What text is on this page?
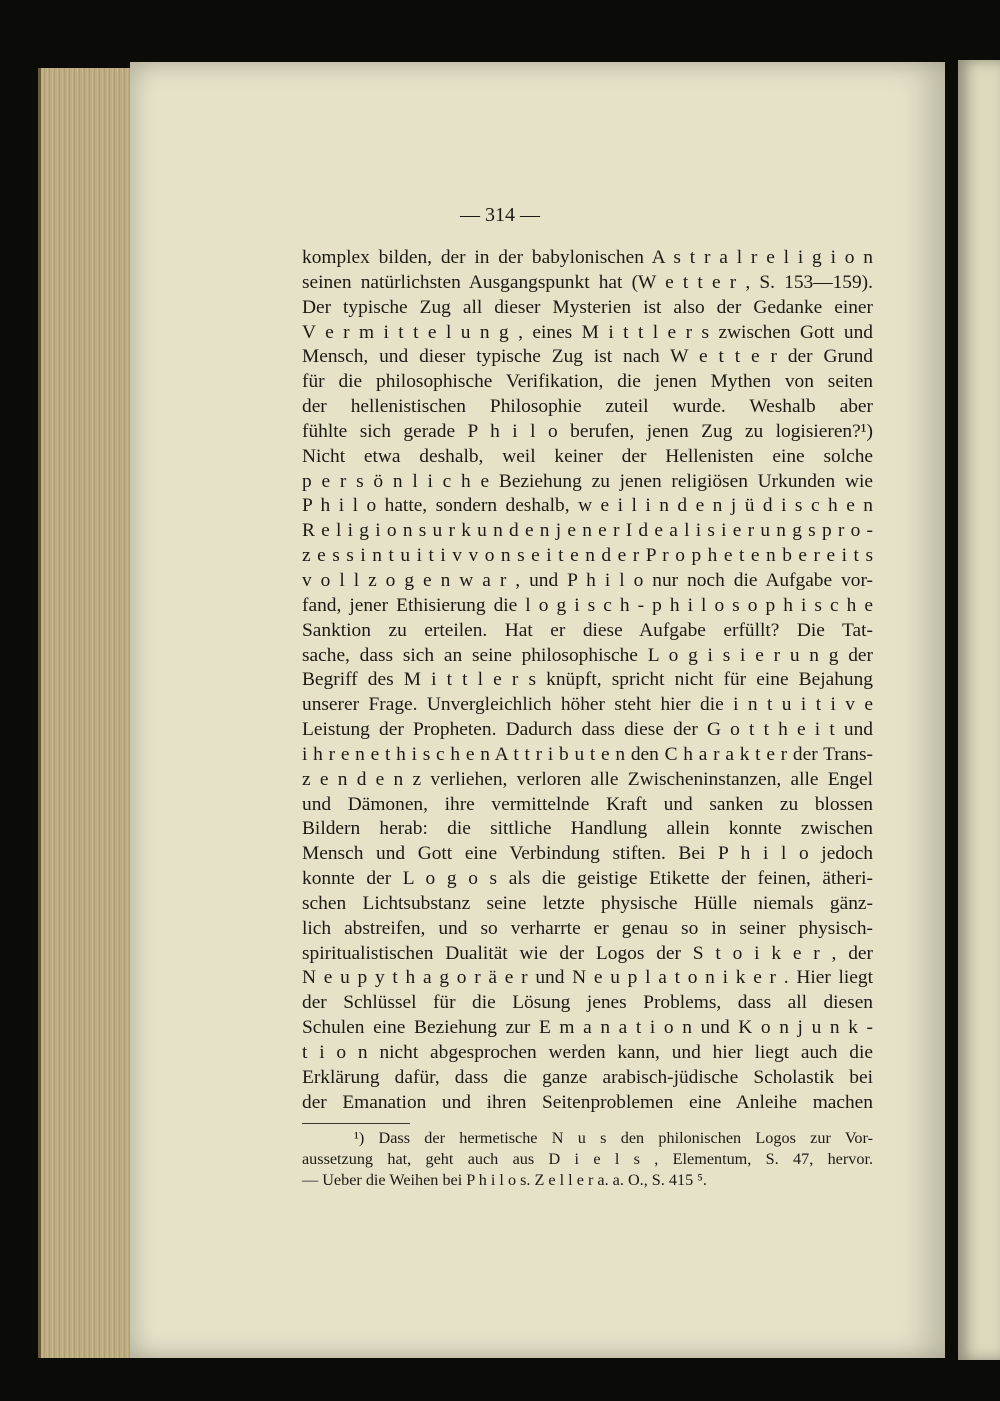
— 314 —
komplex bilden, der in der babylonischen A s t r a l r e l i g i o n
seinen natürlichsten Ausgangspunkt hat (W e t t e r , S. 153—159).
Der typische Zug all dieser Mysterien ist also der Gedanke einer
V e r m i t t e l u n g , eines M i t t l e r s zwischen Gott und
Mensch, und dieser typische Zug ist nach W e t t e r der Grund
für die philosophische Verifikation, die jenen Mythen von seiten
der hellenistischen Philosophie zuteil wurde. Weshalb aber
fühlte sich gerade P h i l o berufen, jenen Zug zu logisieren?¹)
Nicht etwa deshalb, weil keiner der Hellenisten eine solche
p e r s ö n l i c h e Beziehung zu jenen religiösen Urkunden wie
P h i l o hatte, sondern deshalb, w e i l i n d e n j ü d i s c h e n
R e l i g i o n s u r k u n d e n j e n e r I d e a l i s i e r u n g s p r o -
z e s s i n t u i t i v v o n s e i t e n d e r P r o p h e t e n b e r e i t s
v o l l z o g e n w a r , und P h i l o nur noch die Aufgabe vor-
fand, jener Ethisierung die l o g i s c h - p h i l o s o p h i s c h e
Sanktion zu erteilen. Hat er diese Aufgabe erfüllt? Die Tat-
sache, dass sich an seine philosophische L o g i s i e r u n g der
Begriff des M i t t l e r s knüpft, spricht nicht für eine Bejahung
unserer Frage. Unvergleichlich höher steht hier die i n t u i t i v e
Leistung der Propheten. Dadurch dass diese der G o t t h e i t und
i h r e n e t h i s c h e n A t t r i b u t e n den C h a r a k t e r der Trans-
z e n d e n z verliehen, verloren alle Zwischeninstanzen, alle Engel
und Dämonen, ihre vermittelnde Kraft und sanken zu blossen
Bildern herab: die sittliche Handlung allein konnte zwischen
Mensch und Gott eine Verbindung stiften. Bei P h i l o jedoch
konnte der L o g o s als die geistige Etikette der feinen, ätheri-
schen Lichtsubstanz seine letzte physische Hülle niemals gänz-
lich abstreifen, und so verharrte er genau so in seiner physisch-
spiritualistischen Dualität wie der Logos der S t o i k e r , der
N e u p y t h a g o r ä e r und N e u p l a t o n i k e r . Hier liegt
der Schlüssel für die Lösung jenes Problems, dass all diesen
Schulen eine Beziehung zur E m a n a t i o n und K o n j u n k -
t i o n nicht abgesprochen werden kann, und hier liegt auch die
Erklärung dafür, dass die ganze arabisch-jüdische Scholastik bei
der Emanation und ihren Seitenproblemen eine Anleihe machen
¹) Dass der hermetische N u s den philonischen Logos zur Vor-
aussetzung hat, geht auch aus D i e l s , Elementum, S. 47, hervor.
— Ueber die Weihen bei P h i l o s. Z e l l e r a. a. O., S. 415 ⁵.
